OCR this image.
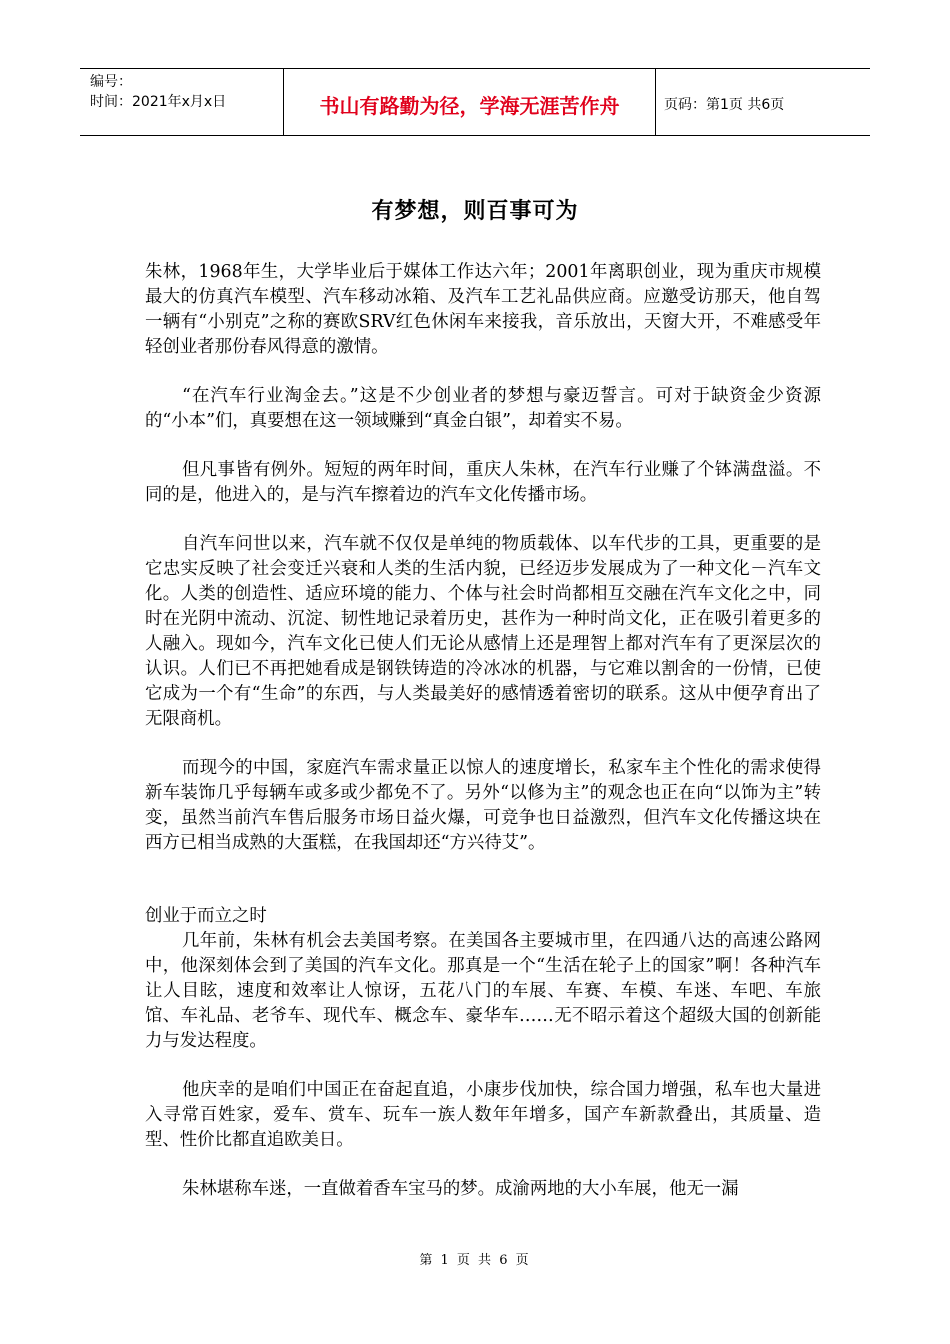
编号：
时间：2021年x月x日	书山有路勤为径，学海无涯苦作舟	页码：第1页 共6页
有梦想，则百事可为

朱林，1968年生，大学毕业后于媒体工作达六年；2001年离职创业，现为重庆市规模最大的仿真汽车模型、汽车移动冰箱、及汽车工艺礼品供应商。应邀受访那天，他自驾一辆有“小别克”之称的赛欧SRV红色休闲车来接我，音乐放出，天窗大开，不难感受年轻创业者那份春风得意的激情。

“在汽车行业淘金去。”这是不少创业者的梦想与豪迈誓言。可对于缺资金少资源的“小本”们，真要想在这一领域赚到“真金白银”，却着实不易。

但凡事皆有例外。短短的两年时间，重庆人朱林，在汽车行业赚了个钵满盘溢。不同的是，他进入的，是与汽车擦着边的汽车文化传播市场。

自汽车问世以来，汽车就不仅仅是单纯的物质载体、以车代步的工具，更重要的是它忠实反映了社会变迁兴衰和人类的生活内貌，已经迈步发展成为了一种文化－汽车文化。人类的创造性、适应环境的能力、个体与社会时尚都相互交融在汽车文化之中，同时在光阴中流动、沉淀、韧性地记录着历史，甚作为一种时尚文化，正在吸引着更多的人融入。现如今，汽车文化已使人们无论从感情上还是理智上都对汽车有了更深层次的认识。人们已不再把她看成是钢铁铸造的冷冰冰的机器，与它难以割舍的一份情，已使它成为一个有“生命”的东西，与人类最美好的感情透着密切的联系。这从中便孕育出了无限商机。

而现今的中国，家庭汽车需求量正以惊人的速度增长，私家车主个性化的需求使得新车装饰几乎每辆车或多或少都免不了。另外“以修为主”的观念也正在向“以饰为主”转变，虽然当前汽车售后服务市场日益火爆，可竞争也日益激烈，但汽车文化传播这块在西方已相当成熟的大蛋糕，在我国却还“方兴待艾”。

创业于而立之时

几年前，朱林有机会去美国考察。在美国各主要城市里，在四通八达的高速公路网中，他深刻体会到了美国的汽车文化。那真是一个“生活在轮子上的国家”啊！各种汽车让人目眩，速度和效率让人惊讶，五花八门的车展、车赛、车模、车迷、车吧、车旅馆、车礼品、老爷车、现代车、概念车、豪华车……无不昭示着这个超级大国的创新能力与发达程度。

他庆幸的是咱们中国正在奋起直追，小康步伐加快，综合国力增强，私车也大量进入寻常百姓家，爱车、赏车、玩车一族人数年年增多，国产车新款叠出，其质量、造型、性价比都直追欧美日。

朱林堪称车迷，一直做着香车宝马的梦。成渝两地的大小车展，他无一漏

第 1 页 共 6 页
